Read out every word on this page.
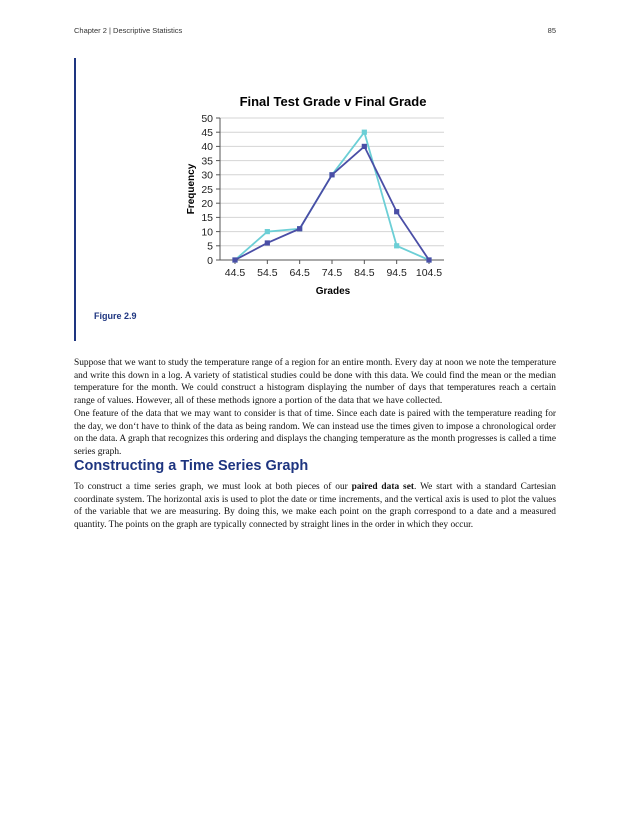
Chapter 2 | Descriptive Statistics	85
Final Test Grade v Final Grade
0
5
10
15
20
25
30
35
40
45
50
44.5 54.5 64.5 74.5 84.5 94.5 104.5
Frequency
Grades
Figure 2.9

Suppose that we want to study the temperature range of a region for an entire month. Every day at noon we note the temperature and write this down in a log. A variety of statistical studies could be done with this data. We could find the mean or the median temperature for the month. We could construct a histogram displaying the number of days that temperatures reach a certain range of values. However, all of these methods ignore a portion of the data that we have collected.

One feature of the data that we may want to consider is that of time. Since each date is paired with the temperature reading for the day, we don‘t have to think of the data as being random. We can instead use the times given to impose a chronological order on the data. A graph that recognizes this ordering and displays the changing temperature as the month progresses is called a time series graph.

Constructing a Time Series Graph

To construct a time series graph, we must look at both pieces of our paired data set. We start with a standard Cartesian coordinate system. The horizontal axis is used to plot the date or time increments, and the vertical axis is used to plot the values of the variable that we are measuring. By doing this, we make each point on the graph correspond to a date and a measured quantity. The points on the graph are typically connected by straight lines in the order in which they occur.
